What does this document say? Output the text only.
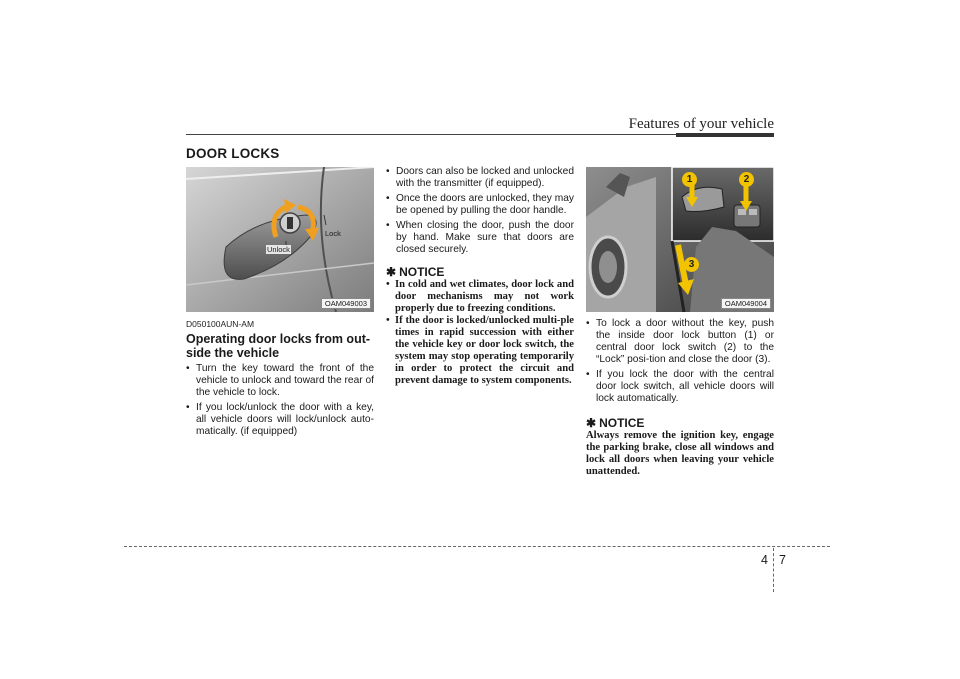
Features of your vehicle
DOOR LOCKS
Unlock
Lock
OAM049003
1	2
3
OAM049004
D050100AUN-AM
Operating door locks from out-side the vehicle
• Turn the key toward the front of the vehicle to unlock and toward the rear of the vehicle to lock.
• If you lock/unlock the door with a key, all vehicle doors will lock/unlock auto-matically. (if equipped)
• Doors can also be locked and unlocked with the transmitter (if equipped).
• Once the doors are unlocked, they may be opened by pulling the door handle.
• When closing the door, push the door by hand. Make sure that doors are closed securely.
✱ NOTICE
• In cold and wet climates, door lock and door mechanisms may not work properly due to freezing conditions.
• If the door is locked/unlocked multi-ple times in rapid succession with either the vehicle key or door lock switch, the system may stop operating temporarily in order to protect the circuit and prevent damage to system components.
• To lock a door without the key, push the inside door lock button (1) or central door lock switch (2) to the “Lock” posi-tion and close the door (3).
• If you lock the door with the central door lock switch, all vehicle doors will lock automatically.
✱ NOTICE
Always remove the ignition key, engage the parking brake, close all windows and lock all doors when leaving your vehicle unattended.
4 7
